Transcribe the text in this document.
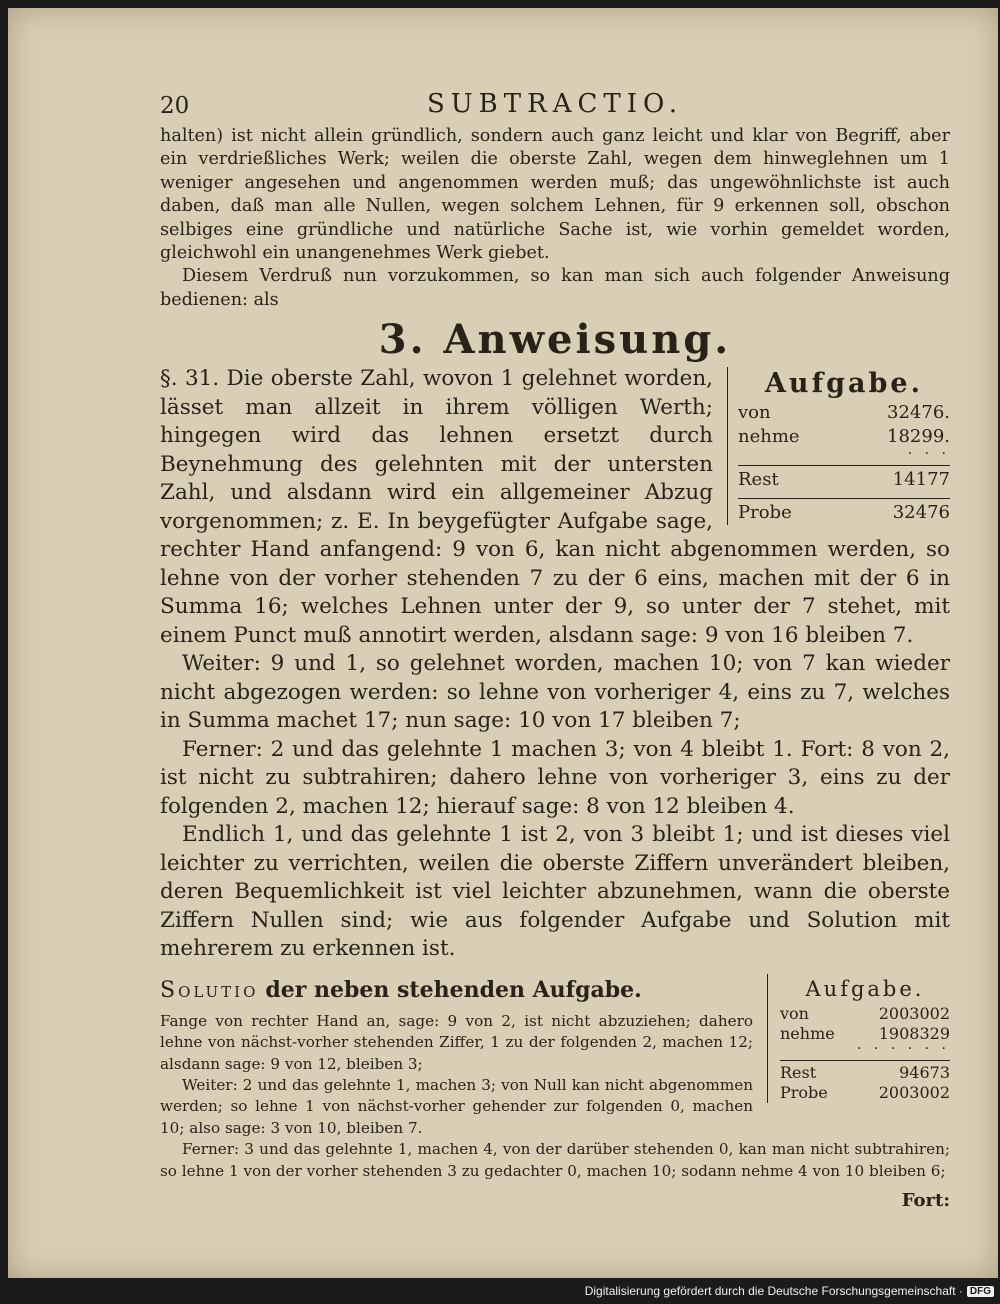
20	SUBTRACTIO.

halten) ist nicht allein gründlich, sondern auch ganz leicht und klar von Begriff, aber ein verdrießliches Werk; weilen die oberste Zahl, wegen dem hinweglehnen um 1 weniger angesehen und angenommen werden muß; das ungewöhnlichste ist auch daben, daß man alle Nullen, wegen solchem Lehnen, für 9 erkennen soll, obschon selbiges eine gründliche und natürliche Sache ist, wie vorhin gemeldet worden, gleichwohl ein unangenehmes Werk giebet.

Diesem Verdruß nun vorzukommen, so kan man sich auch folgender Anweisung bedienen: als

3. Anweisung.
Aufgabe.
von	32476.
nehme	18299.
· · ·
Rest	14177
Probe	32476

§. 31. Die oberste Zahl, wovon 1 gelehnet worden, lässet man allzeit in ihrem völligen Werth; hingegen wird das lehnen ersetzt durch Beynehmung des gelehnten mit der untersten Zahl, und alsdann wird ein allgemeiner Abzug vorgenommen; z. E. In beygefügter Aufgabe sage, rechter Hand anfangend: 9 von 6, kan nicht abgenommen werden, so lehne von der vorher stehenden 7 zu der 6 eins, machen mit der 6 in Summa 16; welches Lehnen unter der 9, so unter der 7 stehet, mit einem Punct muß annotirt werden, alsdann sage: 9 von 16 bleiben 7.

Weiter: 9 und 1, so gelehnet worden, machen 10; von 7 kan wieder nicht abgezogen werden: so lehne von vorheriger 4, eins zu 7, welches in Summa machet 17; nun sage: 10 von 17 bleiben 7;

Ferner: 2 und das gelehnte 1 machen 3; von 4 bleibt 1. Fort: 8 von 2, ist nicht zu subtrahiren; dahero lehne von vorheriger 3, eins zu der folgenden 2, machen 12; hierauf sage: 8 von 12 bleiben 4.

Endlich 1, und das gelehnte 1 ist 2, von 3 bleibt 1; und ist dieses viel leichter zu verrichten, weilen die oberste Ziffern unverändert bleiben, deren Bequemlichkeit ist viel leichter abzunehmen, wann die oberste Ziffern Nullen sind; wie aus folgender Aufgabe und Solution mit mehrerem zu erkennen ist.

Aufgabe.
von	2003002
nehme	1908329
· · · · · ·
Rest	94673
Probe	2003002
Solutio der neben stehenden Aufgabe.

Fange von rechter Hand an, sage: 9 von 2, ist nicht abzuziehen; dahero lehne von nächst-vorher stehenden Ziffer, 1 zu der folgenden 2, machen 12; alsdann sage: 9 von 12, bleiben 3;

Weiter: 2 und das gelehnte 1, machen 3; von Null kan nicht abgenommen werden; so lehne 1 von nächst-vorher gehender zur folgenden 0, machen 10; also sage: 3 von 10, bleiben 7.

Ferner: 3 und das gelehnte 1, machen 4, von der darüber stehenden 0, kan man nicht subtrahiren; so lehne 1 von der vorher stehenden 3 zu gedachter 0, machen 10; sodann nehme 4 von 10 bleiben 6;

Fort:
Digitalisierung gefördert durch die Deutsche Forschungsgemeinschaft · DFG
